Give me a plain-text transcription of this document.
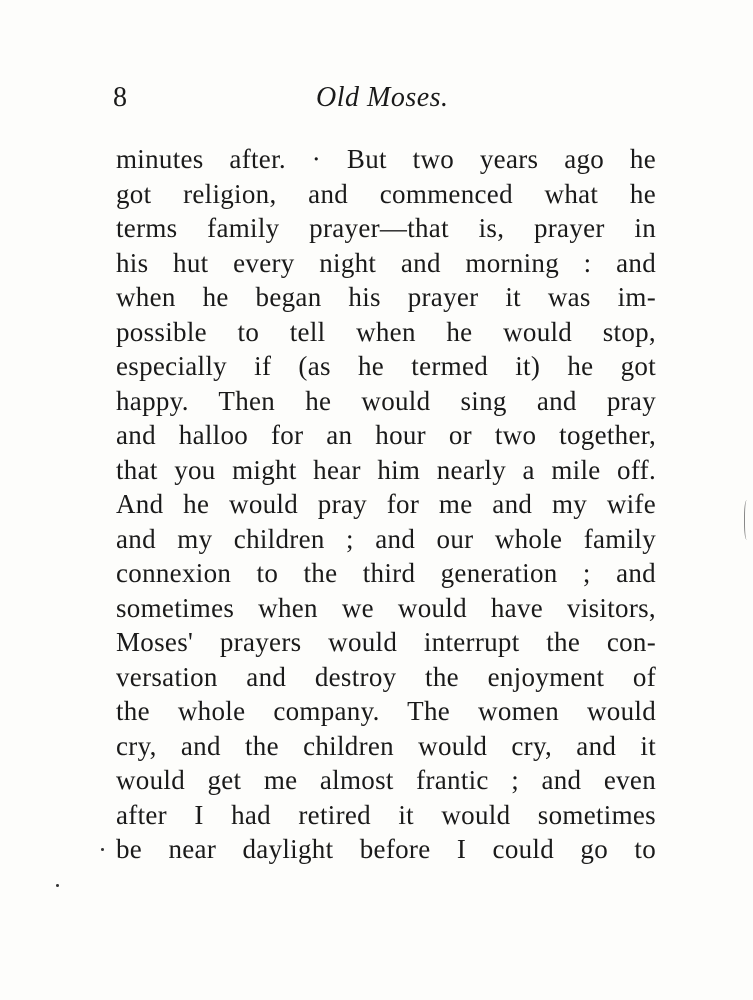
8	Old Moses.
minutes after. · But two years ago he
got religion, and commenced what he
terms family prayer—that is, prayer in
his hut every night and morning : and
when he began his prayer it was im-
possible to tell when he would stop,
especially if (as he termed it) he got
happy. Then he would sing and pray
and halloo for an hour or two together,
that you might hear him nearly a mile off.
And he would pray for me and my wife
and my children ; and our whole family
connexion to the third generation ; and
sometimes when we would have visitors,
Moses' prayers would interrupt the con-
versation and destroy the enjoyment of
the whole company. The women would
cry, and the children would cry, and it
would get me almost frantic ; and even
after I had retired it would sometimes
be near daylight before I could go to
